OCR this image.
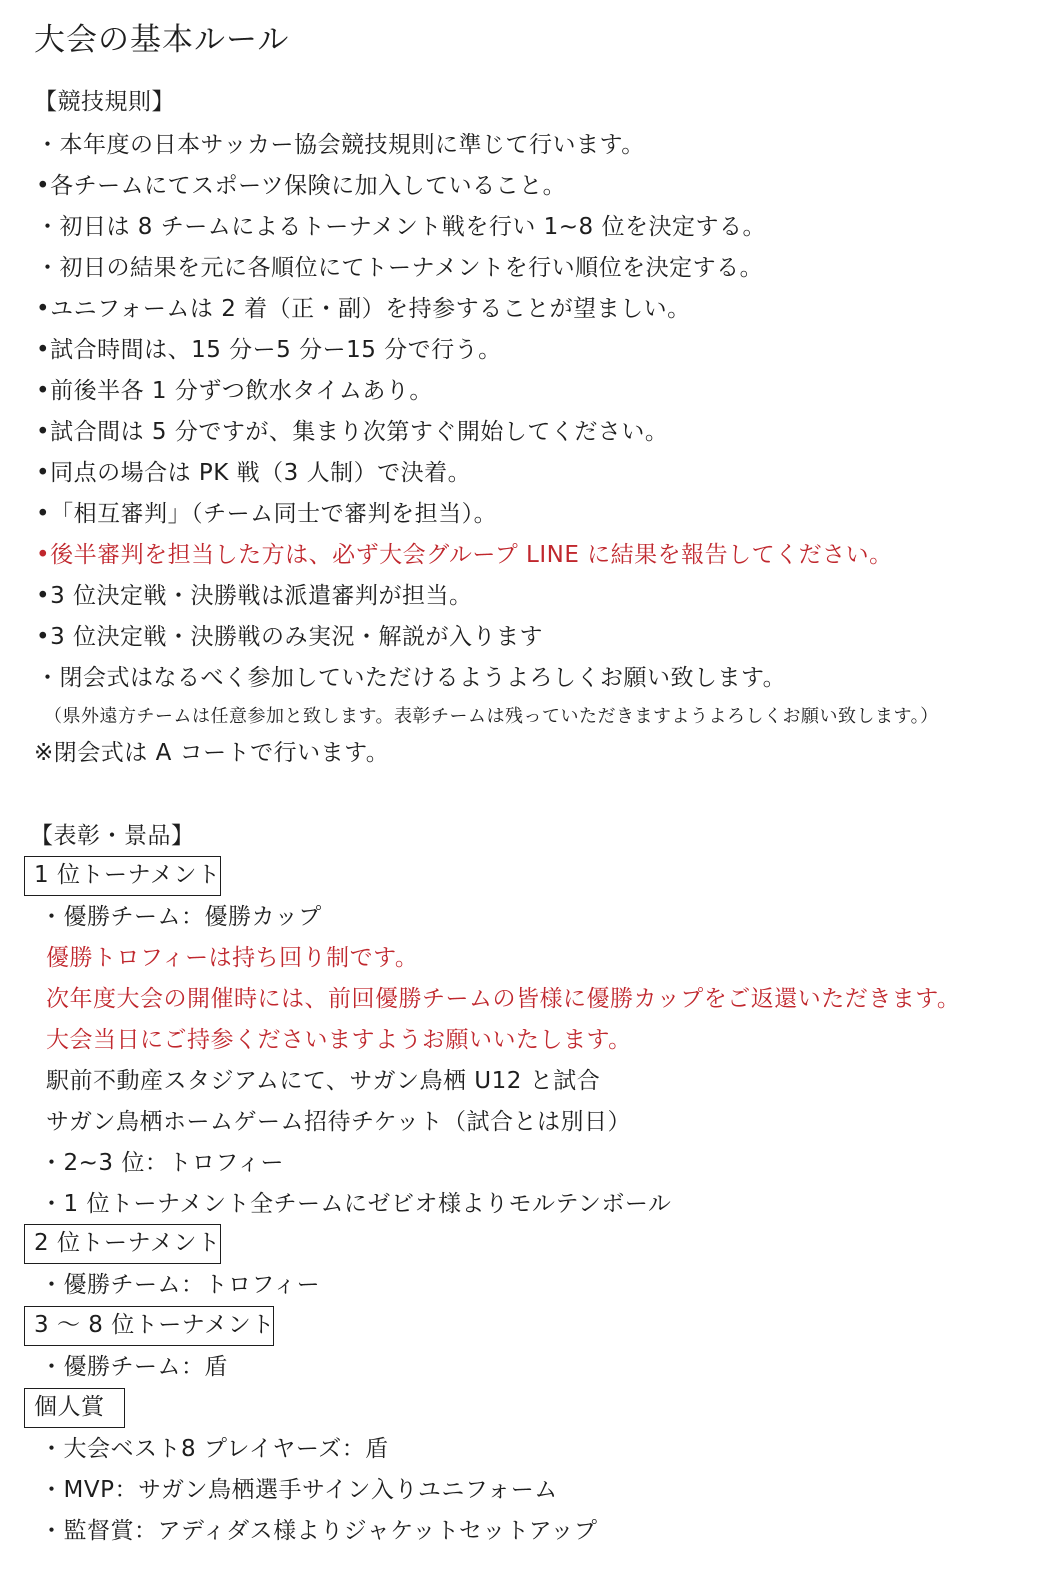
大会の基本ルール
【競技規則】
・本年度の日本サッカー協会競技規則に準じて行います。
•各チームにてスポーツ保険に加入していること。
・初日は 8 チームによるトーナメント戦を行い 1~8 位を決定する。
・初日の結果を元に各順位にてトーナメントを行い順位を決定する。
•ユニフォームは 2 着（正・副）を持参することが望ましい。
•試合時間は、15 分ー5 分ー15 分で行う。
•前後半各 1 分ずつ飲水タイムあり。
•試合間は 5 分ですが、集まり次第すぐ開始してください。
•同点の場合は PK 戦（3 人制）で決着。
•「相互審判」（チーム同士で審判を担当）。
•後半審判を担当した方は、必ず大会グループ LINE に結果を報告してください。
•3 位決定戦・決勝戦は派遣審判が担当。
•3 位決定戦・決勝戦のみ実況・解説が入ります
・閉会式はなるべく参加していただけるようよろしくお願い致します。
（県外遠方チームは任意参加と致します。表彰チームは残っていただきますようよろしくお願い致します。）
※閉会式は A コートで行います。
【表彰・景品】
1 位トーナメント
・優勝チーム：優勝カップ
優勝トロフィーは持ち回り制です。
次年度大会の開催時には、前回優勝チームの皆様に優勝カップをご返還いただきます。
大会当日にご持参くださいますようお願いいたします。
駅前不動産スタジアムにて、サガン鳥栖 U12 と試合
サガン鳥栖ホームゲーム招待チケット（試合とは別日）
・2~3 位：トロフィー
・1 位トーナメント全チームにゼビオ様よりモルテンボール
2 位トーナメント
・優勝チーム：トロフィー
3 ～ 8 位トーナメント
・優勝チーム：盾
個人賞
・大会ベスト8 プレイヤーズ：盾
・MVP：サガン鳥栖選手サイン入りユニフォーム
・監督賞：アディダス様よりジャケットセットアップ
